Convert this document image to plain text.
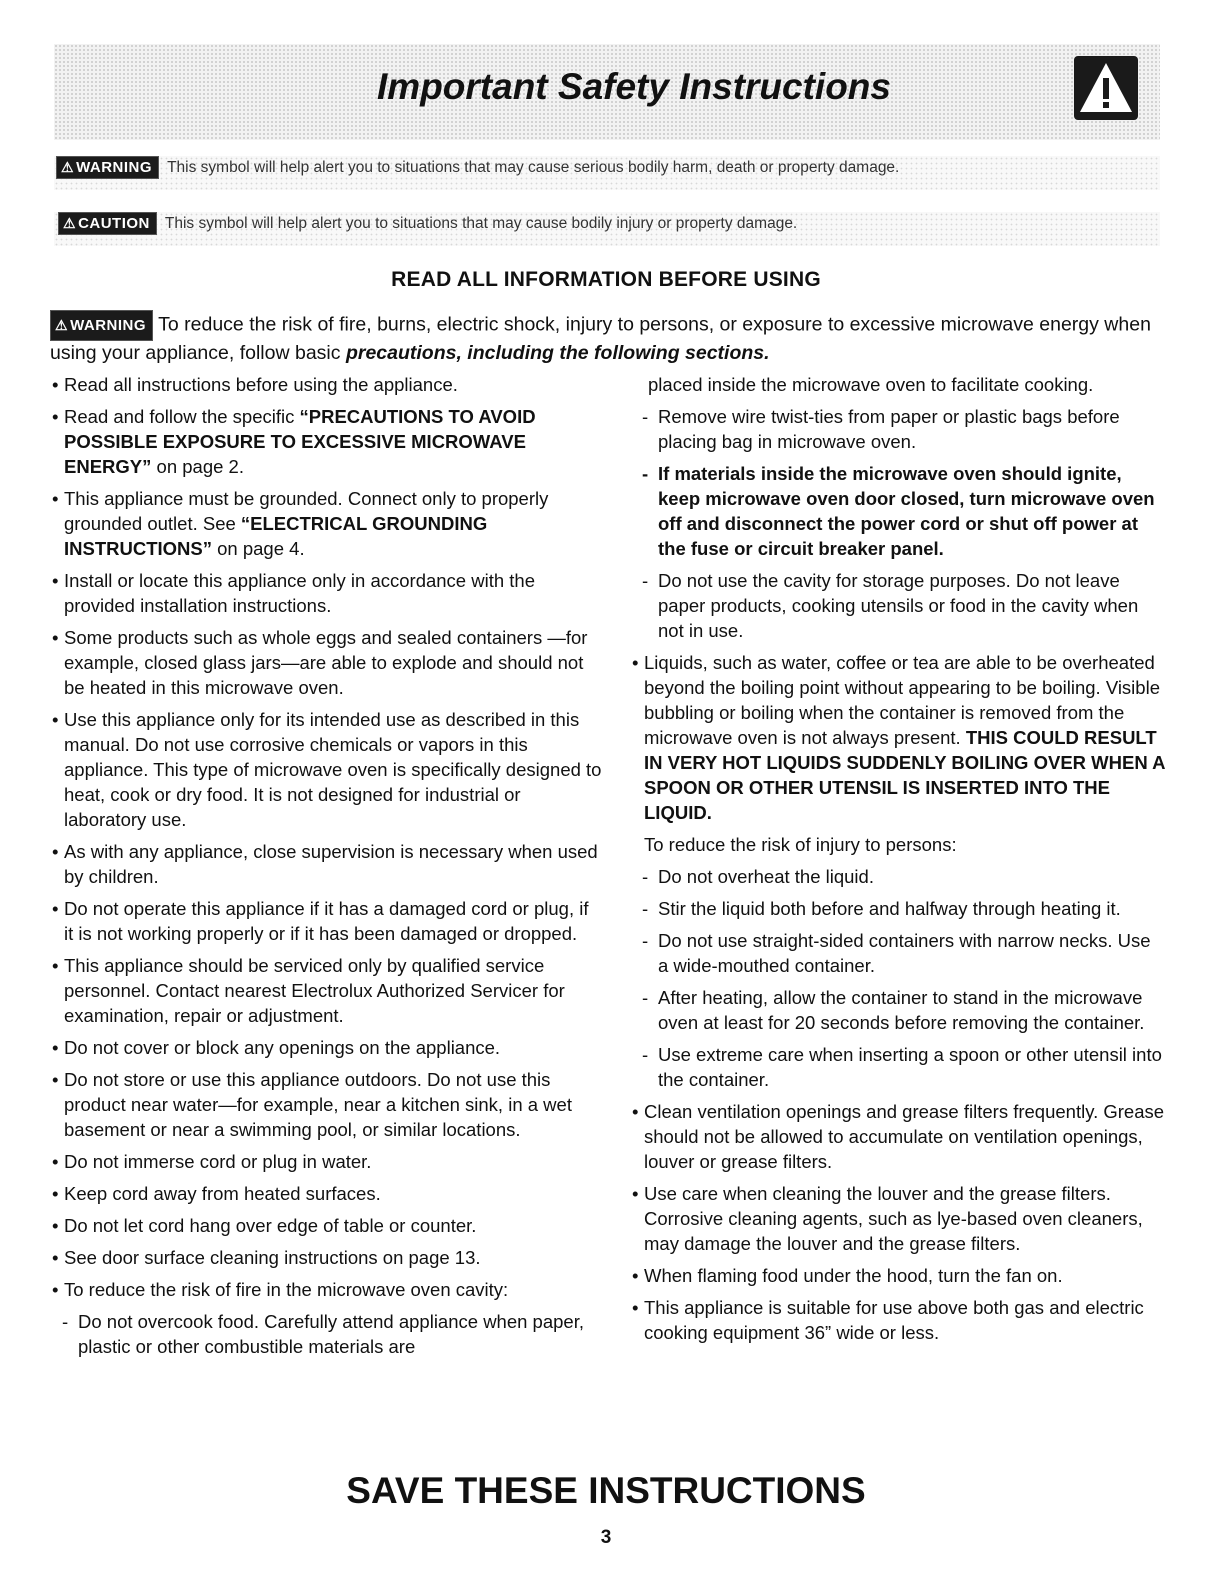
Important Safety Instructions
⚠ WARNING This symbol will help alert you to situations that may cause serious bodily harm, death or property damage.
⚠ CAUTION This symbol will help alert you to situations that may cause bodily injury or property damage.
READ ALL INFORMATION BEFORE USING
⚠ WARNING To reduce the risk of fire, burns, electric shock, injury to persons, or exposure to excessive microwave energy when using your appliance, follow basic precautions, including the following sections.
• Read all instructions before using the appliance.
• Read and follow the specific “PRECAUTIONS TO AVOID POSSIBLE EXPOSURE TO EXCESSIVE MICROWAVE ENERGY” on page 2.
• This appliance must be grounded. Connect only to properly grounded outlet. See “ELECTRICAL GROUNDING INSTRUCTIONS” on page 4.
• Install or locate this appliance only in accordance with the provided installation instructions.
• Some products such as whole eggs and sealed containers —for example, closed glass jars—are able to explode and should not be heated in this microwave oven.
• Use this appliance only for its intended use as described in this manual. Do not use corrosive chemicals or vapors in this appliance. This type of microwave oven is specifically designed to heat, cook or dry food. It is not designed for industrial or laboratory use.
• As with any appliance, close supervision is necessary when used by children.
• Do not operate this appliance if it has a damaged cord or plug, if it is not working properly or if it has been damaged or dropped.
• This appliance should be serviced only by qualified service personnel. Contact nearest Electrolux Authorized Servicer for examination, repair or adjustment.
• Do not cover or block any openings on the appliance.
• Do not store or use this appliance outdoors. Do not use this product near water—for example, near a kitchen sink, in a wet basement or near a swimming pool, or similar locations.
• Do not immerse cord or plug in water.
• Keep cord away from heated surfaces.
• Do not let cord hang over edge of table or counter.
• See door surface cleaning instructions on page 13.
• To reduce the risk of fire in the microwave oven cavity:
- Do not overcook food. Carefully attend appliance when paper, plastic or other combustible materials are
placed inside the microwave oven to facilitate cooking.
- Remove wire twist-ties from paper or plastic bags before placing bag in microwave oven.
- If materials inside the microwave oven should ignite, keep microwave oven door closed, turn microwave oven off and disconnect the power cord or shut off power at the fuse or circuit breaker panel.
- Do not use the cavity for storage purposes. Do not leave paper products, cooking utensils or food in the cavity when not in use.
• Liquids, such as water, coffee or tea are able to be overheated beyond the boiling point without appearing to be boiling. Visible bubbling or boiling when the container is removed from the microwave oven is not always present. THIS COULD RESULT IN VERY HOT LIQUIDS SUDDENLY BOILING OVER WHEN A SPOON OR OTHER UTENSIL IS INSERTED INTO THE LIQUID.
To reduce the risk of injury to persons:
- Do not overheat the liquid.
- Stir the liquid both before and halfway through heating it.
- Do not use straight-sided containers with narrow necks. Use a wide-mouthed container.
- After heating, allow the container to stand in the microwave oven at least for 20 seconds before removing the container.
- Use extreme care when inserting a spoon or other utensil into the container.
• Clean ventilation openings and grease filters frequently. Grease should not be allowed to accumulate on ventilation openings, louver or grease filters.
• Use care when cleaning the louver and the grease filters. Corrosive cleaning agents, such as lye-based oven cleaners, may damage the louver and the grease filters.
• When flaming food under the hood, turn the fan on.
• This appliance is suitable for use above both gas and electric cooking equipment 36” wide or less.
SAVE THESE INSTRUCTIONS
3
